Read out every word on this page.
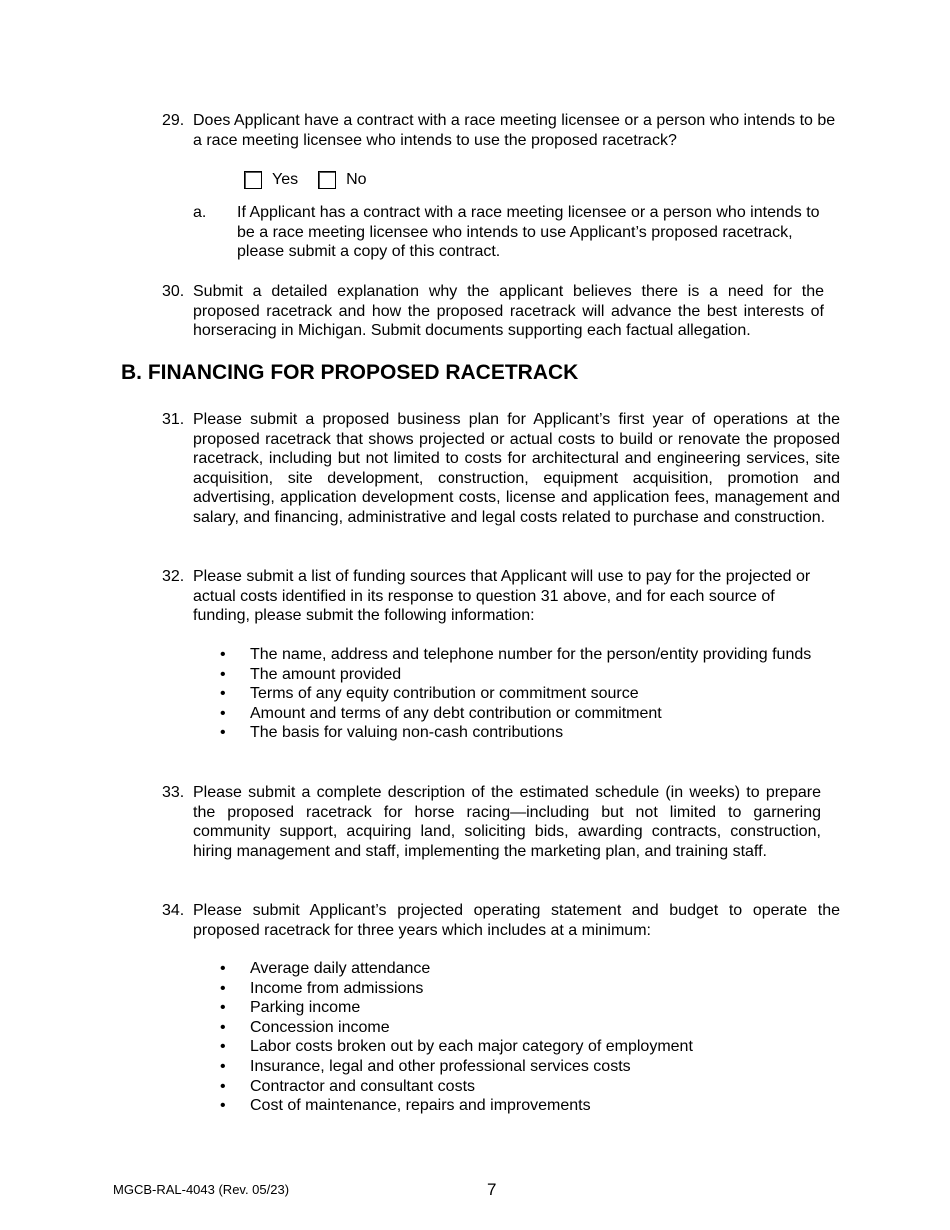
29. Does Applicant have a contract with a race meeting licensee or a person who intends to be a race meeting licensee who intends to use the proposed racetrack?
Yes	No
a. If Applicant has a contract with a race meeting licensee or a person who intends to be a race meeting licensee who intends to use Applicant’s proposed racetrack, please submit a copy of this contract.
30. Submit a detailed explanation why the applicant believes there is a need for the proposed racetrack and how the proposed racetrack will advance the best interests of horseracing in Michigan. Submit documents supporting each factual allegation.
B. FINANCING FOR PROPOSED RACETRACK
31. Please submit a proposed business plan for Applicant’s first year of operations at the proposed racetrack that shows projected or actual costs to build or renovate the proposed racetrack, including but not limited to costs for architectural and engineering services, site acquisition, site development, construction, equipment acquisition, promotion and advertising, application development costs, license and application fees, management and salary, and financing, administrative and legal costs related to purchase and construction.
32. Please submit a list of funding sources that Applicant will use to pay for the projected or actual costs identified in its response to question 31 above, and for each source of funding, please submit the following information:
• The name, address and telephone number for the person/entity providing funds
• The amount provided
• Terms of any equity contribution or commitment source
• Amount and terms of any debt contribution or commitment
• The basis for valuing non-cash contributions
33. Please submit a complete description of the estimated schedule (in weeks) to prepare the proposed racetrack for horse racing—including but not limited to garnering community support, acquiring land, soliciting bids, awarding contracts, construction, hiring management and staff, implementing the marketing plan, and training staff.
34. Please submit Applicant’s projected operating statement and budget to operate the proposed racetrack for three years which includes at a minimum:
• Average daily attendance
• Income from admissions
• Parking income
• Concession income
• Labor costs broken out by each major category of employment
• Insurance, legal and other professional services costs
• Contractor and consultant costs
• Cost of maintenance, repairs and improvements
MGCB-RAL-4043 (Rev. 05/23)	7
